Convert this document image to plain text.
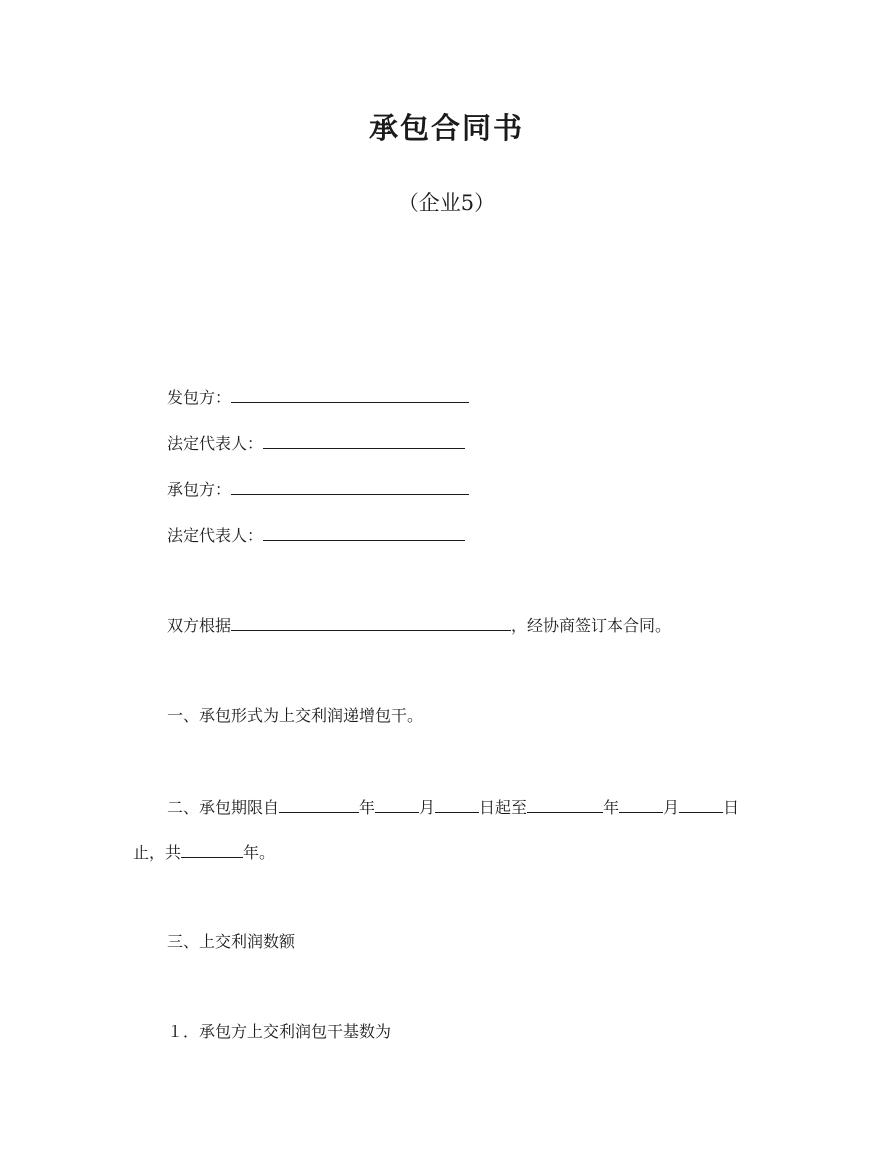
承包合同书
（企业5）
发包方：
法定代表人：
承包方：
法定代表人：
双方根据	，经协商签订本合同。
一、承包形式为上交利润递增包干。
二、承包期限自	年	月	日起至	年	月	日
止，共	年。
三、上交利润数额
１．承包方上交利润包干基数为
